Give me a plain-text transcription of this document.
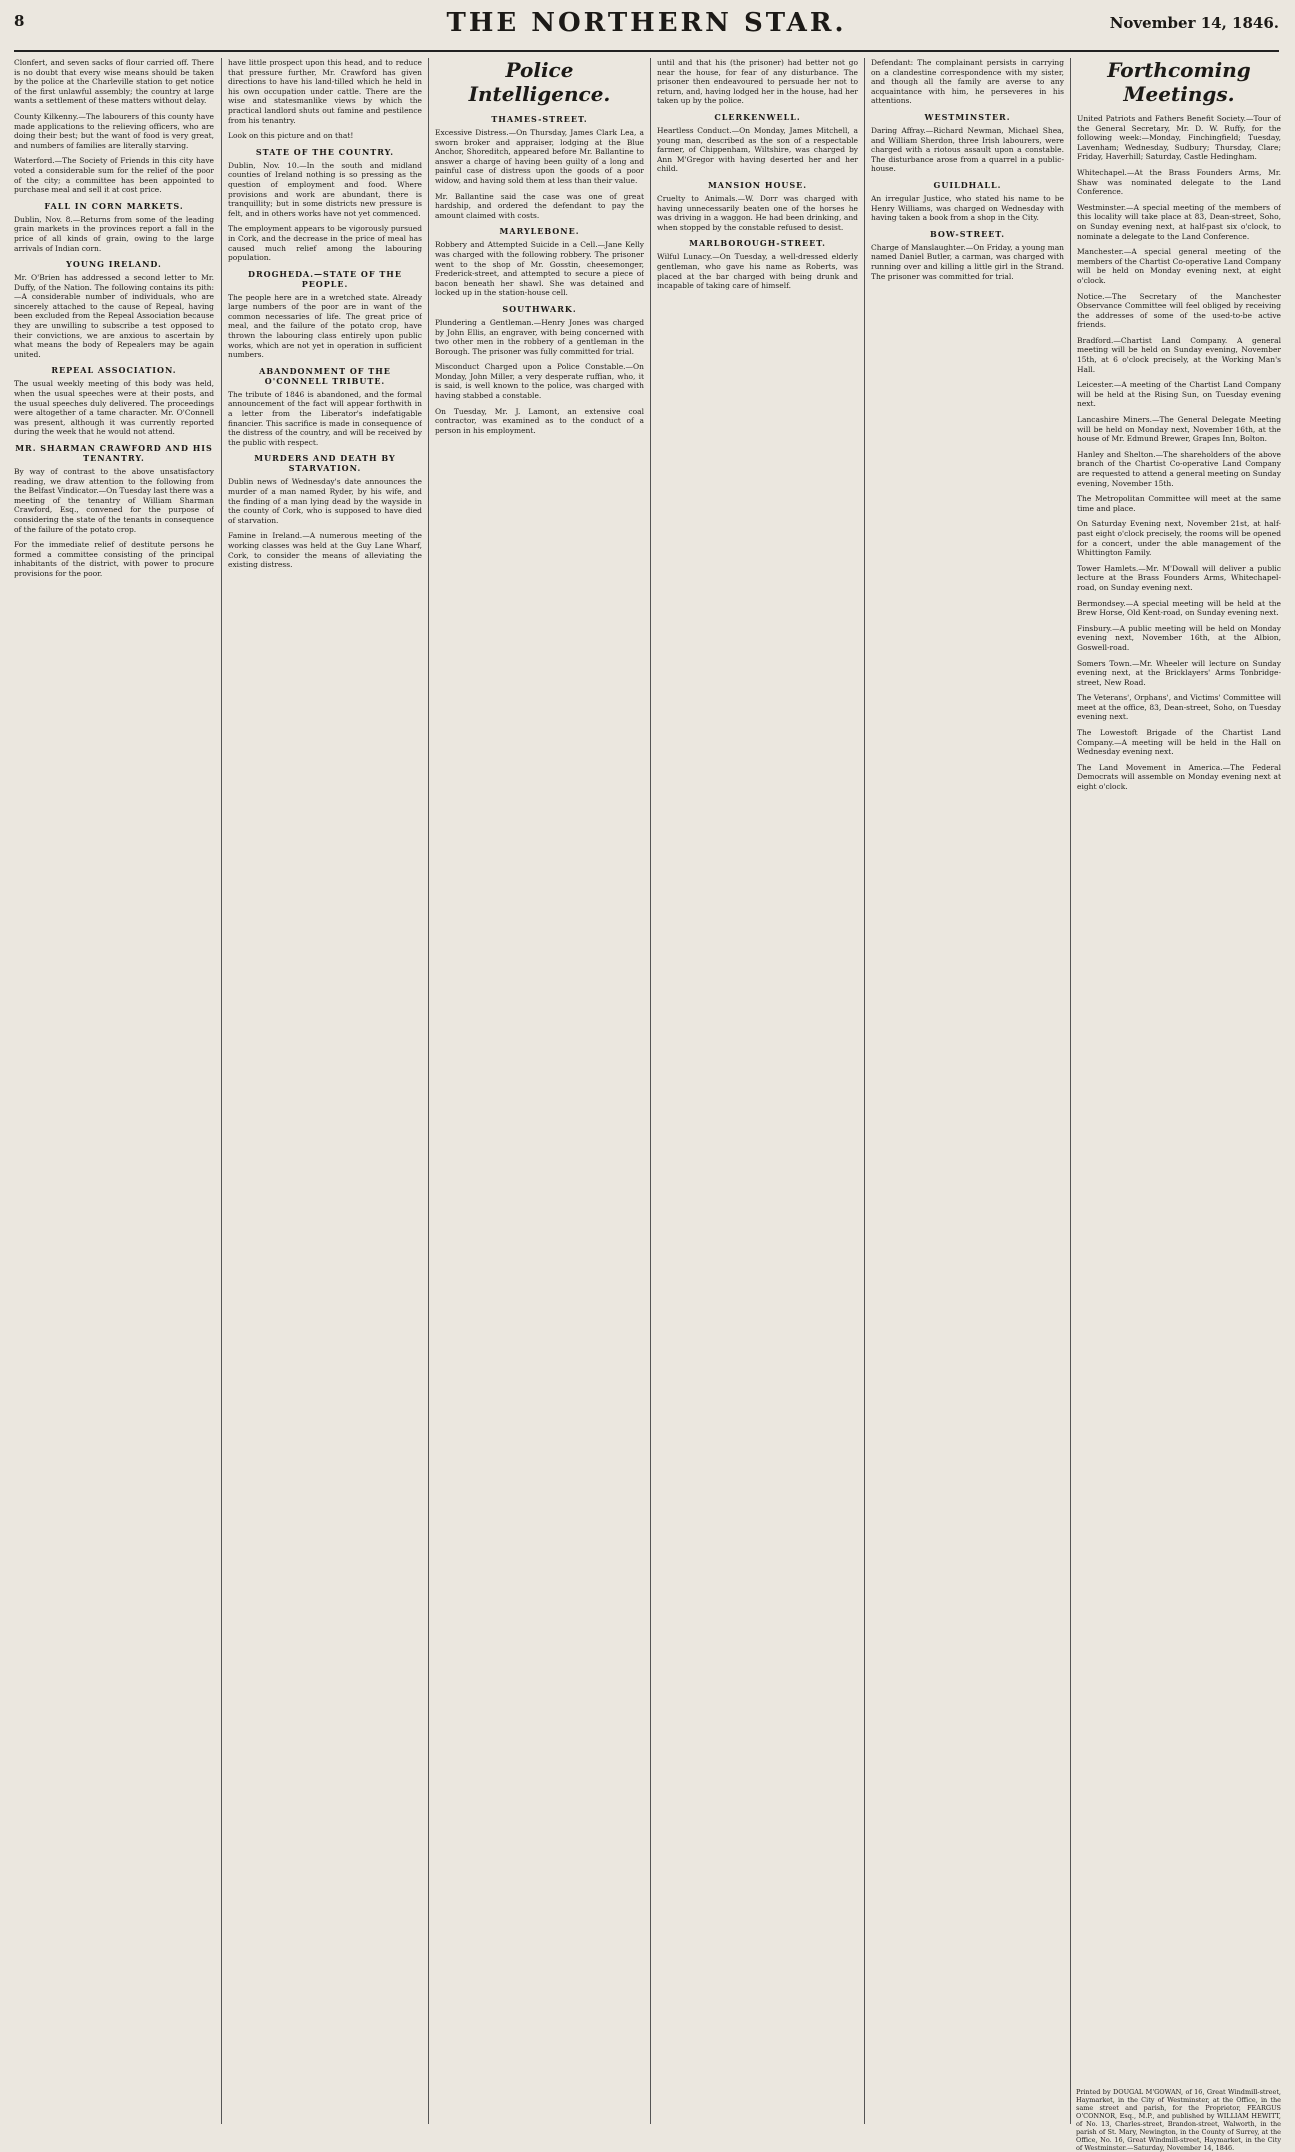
8	THE NORTHERN STAR.	November 14, 1846.

Clonfert, and seven sacks of flour carried off. There is no doubt that every wise means should be taken by the police at the Charleville station to get notice of the first unlawful assembly; the country at large wants a settlement of these matters without delay.

County Kilkenny.—The labourers of this county have made applications to the relieving officers, who are doing their best; but the want of food is very great, and numbers of families are literally starving.

Waterford.—The Society of Friends in this city have voted a considerable sum for the relief of the poor of the city; a committee has been appointed to purchase meal and sell it at cost price.

FALL IN CORN MARKETS.

Dublin, Nov. 8.—Returns from some of the leading grain markets in the provinces report a fall in the price of all kinds of grain, owing to the large arrivals of Indian corn.

YOUNG IRELAND.

Mr. O'Brien has addressed a second letter to Mr. Duffy, of the Nation. The following contains its pith:—A considerable number of individuals, who are sincerely attached to the cause of Repeal, having been excluded from the Repeal Association because they are unwilling to subscribe a test opposed to their convictions, we are anxious to ascertain by what means the body of Repealers may be again united.

REPEAL ASSOCIATION.

The usual weekly meeting of this body was held, when the usual speeches were at their posts, and the usual speeches duly delivered. The proceedings were altogether of a tame character. Mr. O'Connell was present, although it was currently reported during the week that he would not attend.

MR. SHARMAN CRAWFORD AND HIS TENANTRY.

By way of contrast to the above unsatisfactory reading, we draw attention to the following from the Belfast Vindicator.—On Tuesday last there was a meeting of the tenantry of William Sharman Crawford, Esq., convened for the purpose of considering the state of the tenants in consequence of the failure of the potato crop.

For the immediate relief of destitute persons he formed a committee consisting of the principal inhabitants of the district, with power to procure provisions for the poor.

have little prospect upon this head, and to reduce that pressure further, Mr. Crawford has given directions to have his land-tilled which he held in his own occupation under cattle. There are the wise and statesmanlike views by which the practical landlord shuts out famine and pestilence from his tenantry.

Look on this picture and on that!

STATE OF THE COUNTRY.

Dublin, Nov. 10.—In the south and midland counties of Ireland nothing is so pressing as the question of employment and food. Where provisions and work are abundant, there is tranquillity; but in some districts new pressure is felt, and in others works have not yet commenced.

The employment appears to be vigorously pursued in Cork, and the decrease in the price of meal has caused much relief among the labouring population.

DROGHEDA.—STATE OF THE PEOPLE.

The people here are in a wretched state. Already large numbers of the poor are in want of the common necessaries of life. The great price of meal, and the failure of the potato crop, have thrown the labouring class entirely upon public works, which are not yet in operation in sufficient numbers.

ABANDONMENT OF THE O'CONNELL TRIBUTE.

The tribute of 1846 is abandoned, and the formal announcement of the fact will appear forthwith in a letter from the Liberator's indefatigable financier. This sacrifice is made in consequence of the distress of the country, and will be received by the public with respect.

MURDERS AND DEATH BY STARVATION.

Dublin news of Wednesday's date announces the murder of a man named Ryder, by his wife, and the finding of a man lying dead by the wayside in the county of Cork, who is supposed to have died of starvation.

Famine in Ireland.—A numerous meeting of the working classes was held at the Guy Lane Wharf, Cork, to consider the means of alleviating the existing distress.

Police Intelligence.
THAMES-STREET.

Excessive Distress.—On Thursday, James Clark Lea, a sworn broker and appraiser, lodging at the Blue Anchor, Shoreditch, appeared before Mr. Ballantine to answer a charge of having been guilty of a long and painful case of distress upon the goods of a poor widow, and having sold them at less than their value.

Mr. Ballantine said the case was one of great hardship, and ordered the defendant to pay the amount claimed with costs.

MARYLEBONE.

Robbery and Attempted Suicide in a Cell.—Jane Kelly was charged with the following robbery. The prisoner went to the shop of Mr. Gosstin, cheesemonger, Frederick-street, and attempted to secure a piece of bacon beneath her shawl. She was detained and locked up in the station-house cell.

SOUTHWARK.

Plundering a Gentleman.—Henry Jones was charged by John Ellis, an engraver, with being concerned with two other men in the robbery of a gentleman in the Borough. The prisoner was fully committed for trial.

Misconduct Charged upon a Police Constable.—On Monday, John Miller, a very desperate ruffian, who, it is said, is well known to the police, was charged with having stabbed a constable.

On Tuesday, Mr. J. Lamont, an extensive coal contractor, was examined as to the conduct of a person in his employment.

until and that his (the prisoner) had better not go near the house, for fear of any disturbance. The prisoner then endeavoured to persuade her not to return, and, having lodged her in the house, had her taken up by the police.

CLERKENWELL.

Heartless Conduct.—On Monday, James Mitchell, a young man, described as the son of a respectable farmer, of Chippenham, Wiltshire, was charged by Ann M'Gregor with having deserted her and her child.

MANSION HOUSE.

Cruelty to Animals.—W. Dorr was charged with having unnecessarily beaten one of the horses he was driving in a waggon. He had been drinking, and when stopped by the constable refused to desist.

MARLBOROUGH-STREET.

Wilful Lunacy.—On Tuesday, a well-dressed elderly gentleman, who gave his name as Roberts, was placed at the bar charged with being drunk and incapable of taking care of himself.

Defendant: The complainant persists in carrying on a clandestine correspondence with my sister, and though all the family are averse to any acquaintance with him, he perseveres in his attentions.

WESTMINSTER.

Daring Affray.—Richard Newman, Michael Shea, and William Sherdon, three Irish labourers, were charged with a riotous assault upon a constable. The disturbance arose from a quarrel in a public-house.

GUILDHALL.

An irregular Justice, who stated his name to be Henry Williams, was charged on Wednesday with having taken a book from a shop in the City.

BOW-STREET.

Charge of Manslaughter.—On Friday, a young man named Daniel Butler, a carman, was charged with running over and killing a little girl in the Strand. The prisoner was committed for trial.

Forthcoming Meetings.

United Patriots and Fathers Benefit Society.—Tour of the General Secretary, Mr. D. W. Ruffy, for the following week:—Monday, Finchingfield; Tuesday, Lavenham; Wednesday, Sudbury; Thursday, Clare; Friday, Haverhill; Saturday, Castle Hedingham.

Whitechapel.—At the Brass Founders Arms, Mr. Shaw was nominated delegate to the Land Conference.

Westminster.—A special meeting of the members of this locality will take place at 83, Dean-street, Soho, on Sunday evening next, at half-past six o'clock, to nominate a delegate to the Land Conference.

Manchester.—A special general meeting of the members of the Chartist Co-operative Land Company will be held on Monday evening next, at eight o'clock.

Notice.—The Secretary of the Manchester Observance Committee will feel obliged by receiving the addresses of some of the used-to-be active friends.

Bradford.—Chartist Land Company. A general meeting will be held on Sunday evening, November 15th, at 6 o'clock precisely, at the Working Man's Hall.

Leicester.—A meeting of the Chartist Land Company will be held at the Rising Sun, on Tuesday evening next.

Lancashire Miners.—The General Delegate Meeting will be held on Monday next, November 16th, at the house of Mr. Edmund Brewer, Grapes Inn, Bolton.

Hanley and Shelton.—The shareholders of the above branch of the Chartist Co-operative Land Company are requested to attend a general meeting on Sunday evening, November 15th.

The Metropolitan Committee will meet at the same time and place.

On Saturday Evening next, November 21st, at half-past eight o'clock precisely, the rooms will be opened for a concert, under the able management of the Whittington Family.

Tower Hamlets.—Mr. M'Dowall will deliver a public lecture at the Brass Founders Arms, Whitechapel-road, on Sunday evening next.

Bermondsey.—A special meeting will be held at the Brew Horse, Old Kent-road, on Sunday evening next.

Finsbury.—A public meeting will be held on Monday evening next, November 16th, at the Albion, Goswell-road.

Somers Town.—Mr. Wheeler will lecture on Sunday evening next, at the Bricklayers' Arms Tonbridge-street, New Road.

The Veterans', Orphans', and Victims' Committee will meet at the office, 83, Dean-street, Soho, on Tuesday evening next.

The Lowestoft Brigade of the Chartist Land Company.—A meeting will be held in the Hall on Wednesday evening next.

The Land Movement in America.—The Federal Democrats will assemble on Monday evening next at eight o'clock.

Printed by DOUGAL M'GOWAN, of 16, Great Windmill-street, Haymarket, in the City of Westminster, at the Office, in the same street and parish, for the Proprietor, FEARGUS O'CONNOR, Esq., M.P., and published by WILLIAM HEWITT, of No. 13, Charles-street, Brandon-street, Walworth, in the parish of St. Mary, Newington, in the County of Surrey, at the Office, No. 16, Great Windmill-street, Haymarket, in the City of Westminster.—Saturday, November 14, 1846.
